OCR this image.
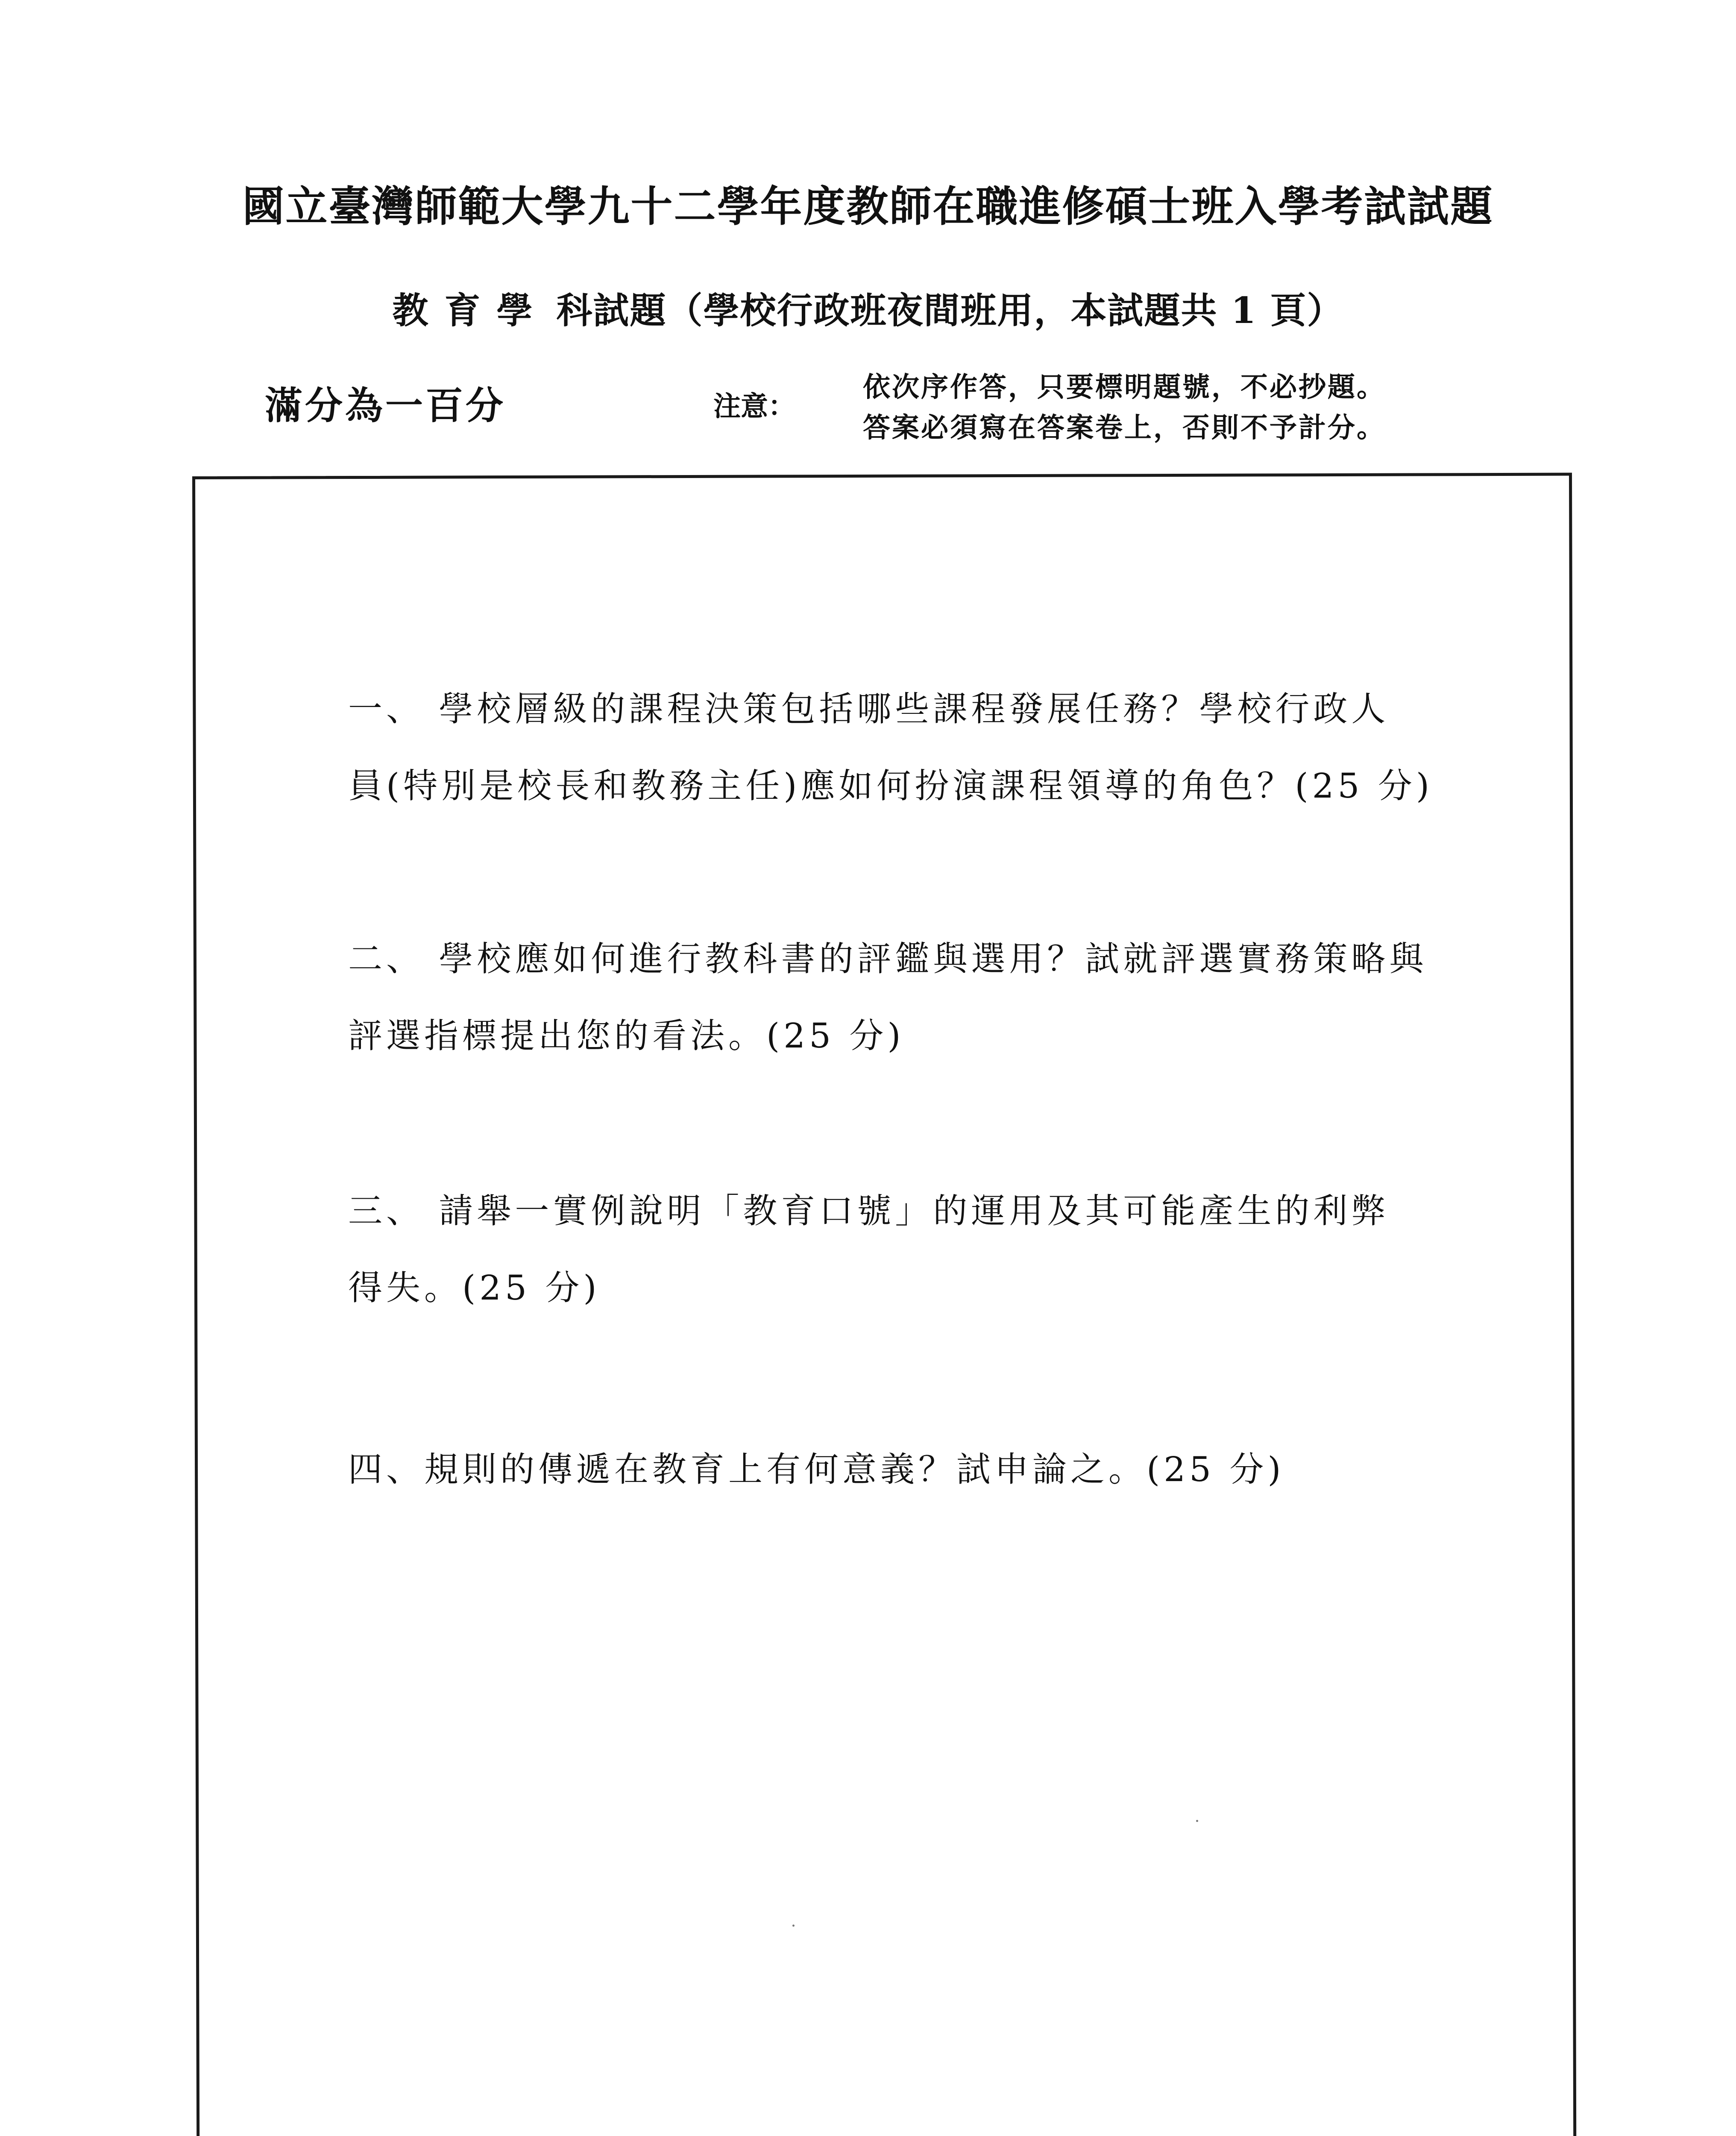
國立臺灣師範大學九十二學年度教師在職進修碩士班入學考試試題
教育學 科試題（學校行政班夜間班用，本試題共 1 頁）
滿分為一百分	注意：
依次序作答，只要標明題號，不必抄題。
答案必須寫在答案卷上，否則不予計分。
一、 學校層級的課程決策包括哪些課程發展任務？學校行政人
員(特別是校長和教務主任)應如何扮演課程領導的角色？(25 分)
二、 學校應如何進行教科書的評鑑與選用？試就評選實務策略與
評選指標提出您的看法。(25 分)
三、 請舉一實例說明「教育口號」的運用及其可能產生的利弊
得失。(25 分)
四、規則的傳遞在教育上有何意義？試申論之。(25 分)
